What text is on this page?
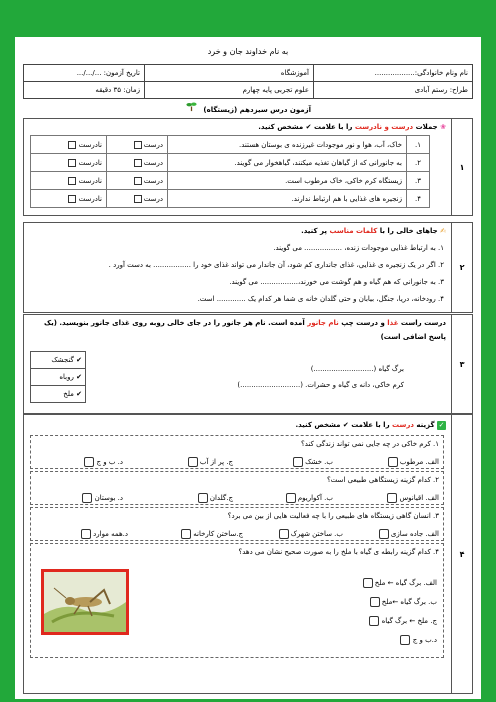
به نام خداوند جان و خرد
نام ونام خانوادگی:..................	آموزشگاه	تاریخ آزمون: .../.../...
طراح: رستم آبادی	علوم تجربی پایه چهارم	زمان: ۳۵ دقیقه
آزمون درس سیزدهم (زیستگاه)
۱
❀ جملات درست و نادرست را با علامت ✔ مشخص کنید.
۱.	خاک، آب، هوا و نور موجودات غیرزنده ی بوستان هستند.	درست	نادرست
۲.	به جانورانی که از گیاهان تغذیه میکنند، گیاهخوار می گویند.	درست	نادرست
۳.	زیستگاه کرم خاکی، خاک مرطوب است.	درست	نادرست
۴.	زنجیره های غذایی با هم ارتباط ندارند.	درست	نادرست
۲
✍ جاهای خالی را با کلمات مناسب پر کنید.
۱. به ارتباط غذایی موجودات زنده، ................. می گویند.
۲. اگر در یک زنجیره ی غذایی، غذای جانداری کم شود، آن جاندار می تواند غذای خود را ................. به دست آورد .
۳. به جانورانی که هم گیاه و هم گوشت می خورند،................. می گویند.
۴. رودخانه، دریا، جنگل، بیابان و حتی گلدان خانه ی شما هر کدام یک ............. است.
۳
درست راست غذا و درست چپ نام جانور آمده است. نام هر جانور را در جای خالی روبه روی غذای جانور بنویسید. (یک
پاسخ اضافی است)
برگ گیاه (...........................)
کرم خاکی، دانه ی گیاه و حشرات. (...........................)
✔ گنجشک
✔ روباه
✔ ملخ
۴
✓ گزینه درست را با علامت ✔ مشخص کنید.
۱. کرم خاکی در چه جایی نمی تواند زندگی کند؟
الف. مرطوب
ب. خشک
ج. پر از آب
د. ب و ج
۲. کدام گزینه زیستگاهی طبیعی است؟
الف. اقیانوس
ب. آکواریوم
ج.گلدان
د. بوستان
۳. انسان گاهی زیستگاه های طبیعی را با چه فعالیت هایی از بین می برد؟
الف. جاده سازی
ب. ساختن شهرک
ج.ساختن کارخانه
د.همه موارد
۴. کدام گزینه رابطه ی گیاه با ملخ را به صورت صحیح نشان می دهد؟
الف. برگ گیاه ← ملخ
ب. برگ گیاه ←ملخ
ج. ملخ ← برگ گیاه
د.ب و ج
